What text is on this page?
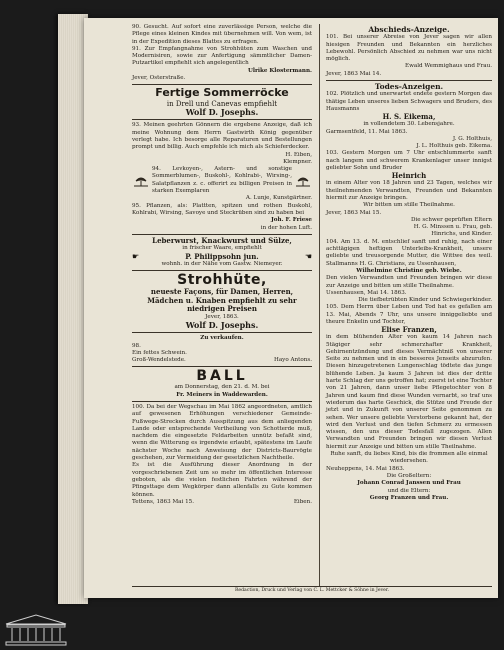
90. Gesucht. Auf sofort eine zuverlässige Person, welche die Pflege eines kleinen Kindes mit übernehmen will. Von wem, ist in der Expedition dieses Blattes zu erfragen.

91. Zur Empfangnahme von Strohhüten zum Waschen und Modernisiren, sowie zur Anfertigung sämmtlicher Damen-Putzartikel empfiehlt sich angelegentlich

Ulrike Klostermann.

Jever, Osterstraße.

Fertige Sommerröcke
in Drell und Canevas empfiehlt
Wolf D. Josephs.

93. Meinen geehrten Gönnern die ergebene Anzeige, daß ich meine Wohnung dem Herrn Gastwirth König gegenüber verlegt habe. Ich besorge alle Reparaturen und Bestellungen prompt und billig. Auch empfehle ich mich als Schieferdecker.

H. Eiben,

Klempner.

94. Levkoyen-, Astern- und sonstige Sommerblumen-, Buskohl-, Kohlrabi-, Wirsing-, Salatpflanzen z. c. offerirt zu billigen Preisen in starken Exemplaren

A. Lunje, Kunstgärtner.

95. Pflanzen, als: Plattten, spitzen und rothen Buskohl, Kohlrabi, Wirsing, Savoye und Steckrüben sind zu haben bei

Joh. F. Friese

in der hohen Luft.

Leberwurst, Knackwurst und Sülze,
in frischer Waare, empfiehlt
☛	P. Philippsohn jun.	☚
wohnh. in der Nähe vom Gastw. Niemeyer.
Strohhüte,
neueste Façons, für Damen, Herren,
Mädchen u. Knaben empfiehlt zu sehr
niedrigen Preisen
Jever, 1863.
Wolf D. Josephs.
Zu verkaufen.

98.

Ein fettes Schwein.

Groß-Wendelstede.	Hayo Antons.
BALL
am Donnerstag, den 21. d. M. bei
Fr. Meiners in Waddewarden.

100. Da bei der Wegschau im Mai 1862 angeordneten, amtlich auf gewesenen Erhöhungen verschiedener Gemeinde-Fußwege-Strecken durch Ausspitzung aus dem anliegenden Lande oder entsprechende Vertheilung von Schotterde muß, nachdem die eingesetzte Feldarbeiten unnütz befaßt sind, wenn die Witterung es irgendwie erlaubt, spätestens im Laufe nächster Woche nach Anweisung der Districts-Baurvögte geschehen, zur Vermeidung der gesetzlichen Nachtheile.

Es ist die Ausführung dieser Anordnung in der vorgeschriebenen Zeit um so mehr im öffentlichen Interesse geboten, als die vielen festlichen Fahrten während der Pfingsttage dem Wegkörper dann allenfalls zu Gute kommen können.

Tettens, 1863 Mai 15.	Eiben.
Abschieds-Anzeige.

101. Bei unserer Abreise von Jever sagen wir allen hiesigen Freunden und Bekannten ein herzliches Lebewohl. Persönlich Abschied zu nehmen war uns nicht möglich.

Ewald Wemmighaus und Frau.

Jever, 1863 Mai 14.

Todes-Anzeigen.

102. Plötzlich und unerwartet endete gestern Morgen das thätige Leben unseres lieben Schwagers und Bruders, des Hausmanns

H. S. Eikema,

in vollendetem 30. Lebensjahre.

Garmsentfeld, 11. Mai 1863.

J. G. Holthuis,

J. L. Holthuis geb. Eikema.

103. Gestern Morgen um 7 Uhr entschlummerte sanft nach langem und schwerem Krankenlager unser innigst geliebter Sohn und Bruder

Heinrich

in einem Alter von 18 Jahren und 23 Tagen, welches wir theilnehmenden Verwandten, Freunden und Bekannten hiermit zur Anzeige bringen.

Wir bitten um stille Theilnahme.

Jever, 1863 Mai 15.

Die schwer geprüften Eltern

H. G. Minssen u. Frau, geb.

Hinrichs, und Kinder.

104. Am 13. d. M. entschlief sanft und ruhig, nach einer achttägigen heftigen Unterleibs-Krankheit, unsere geliebte und treusorgende Mutter, die Wittwe des weil. Stallmanns H. G. Christians, zu Ussenhausen,

Wilhelmine Christine geb. Wiebe.

Den vielen Verwandten und Freunden bringen wir diese zur Anzeige und bitten um stille Theilnahme.

Ussenhausen, Mai 14. 1863.

Die tiefbetrübten Kinder und Schwiegerkinder.

105. Dem Herrn über Leben und Tod hat es gefallen am 13. Mai, Abends 7 Uhr, uns unsere inniggeliebte und theure Enkelin und Tochter,

Elise Franzen,

in dem blühenden Alter von kaum 14 Jahren nach 5tägiger sehr schmerzhafter Krankheit, Gehirnentzündung und dieses Vermächtniß von unserer Seite zu nehmen und in ein besseres Jenseits abzurufen. Diesen hinzugetretenen Lungenschlag tödtete das junge blühende Leben. Ja kaum 3 Jahren ist dies der dritte harte Schlag der uns getroffen hat; zuerst ist eine Tochter von 21 Jahren, dann unser liebe Pflegetochter von 8 Jahren und kaum find diese Wunden vernarbt, so traf uns wiederum das harte Geschick, die Stütze und Freude der jetzt und in Zukunft von unserer Seite genommen zu sehen. Wer unsere geliebte Verstorbene gekannt hat, der wird den Verlust und den tiefen Schmerz zu ermessen wissen, den uns dieser Todesfall zugezogen. Allen Verwandten und Freunden bringen wir diesen Verlust hiermit zur Anzeige und bitten um stille Theilnahme.

Ruhe sanft, du liebes Kind, bis die frommen alle einmal wiedersehen.

Neuheppens, 14. Mai 1863.

Die Großeltern:

Johann Conrad Janssen und Frau

und die Eltern:

Georg Franzen und Frau.

Redaction, Druck und Verlag von C. L. Mettcker & Söhne in Jever.
